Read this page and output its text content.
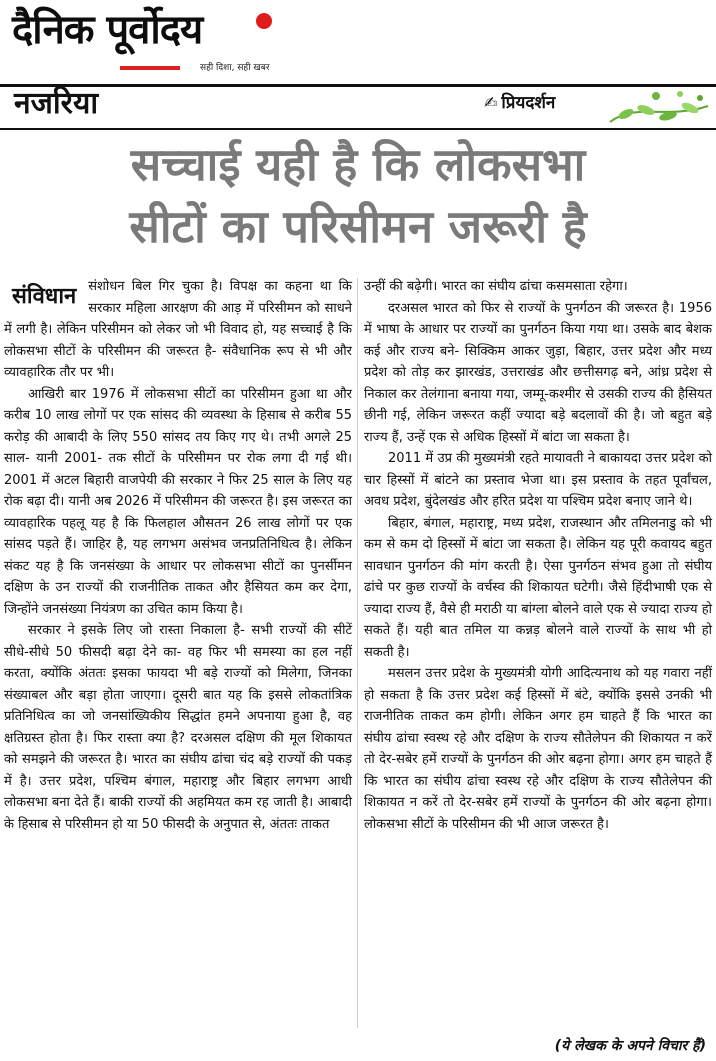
दैनिक पूर्वोदय
सही दिशा, सही खबर
नजरिया	✍ प्रियदर्शन
सच्चाई यही है कि लोकसभा
सीटों का परिसीमन जरूरी है
संविधान संशोधन बिल गिर चुका है। विपक्ष का कहना था कि सरकार महिला आरक्षण की आड़ में परिसीमन को साधने में लगी है। लेकिन परिसीमन को लेकर जो भी विवाद हो, यह सच्चाई है कि लोकसभा सीटों के परिसीमन की जरूरत है- संवैधानिक रूप से भी और व्यावहारिक तौर पर भी।

आखिरी बार 1976 में लोकसभा सीटों का परिसीमन हुआ था और करीब 10 लाख लोगों पर एक सांसद की व्यवस्था के हिसाब से करीब 55 करोड़ की आबादी के लिए 550 सांसद तय किए गए थे। तभी अगले 25 साल- यानी 2001- तक सीटों के परिसीमन पर रोक लगा दी गई थी। 2001 में अटल बिहारी वाजपेयी की सरकार ने फिर 25 साल के लिए यह रोक बढ़ा दी। यानी अब 2026 में परिसीमन की जरूरत है। इस जरूरत का व्यावहारिक पहलू यह है कि फिलहाल औसतन 26 लाख लोगों पर एक सांसद पड़ते हैं। जाहिर है, यह लगभग असंभव जनप्रतिनिधित्व है। लेकिन संकट यह है कि जनसंख्या के आधार पर लोकसभा सीटों का पुनर्सीमन दक्षिण के उन राज्यों की राजनीतिक ताकत और हैसियत कम कर देगा, जिन्होंने जनसंख्या नियंत्रण का उचित काम किया है।

सरकार ने इसके लिए जो रास्ता निकाला है- सभी राज्यों की सीटें सीधे-सीधे 50 फीसदी बढ़ा देने का- वह फिर भी समस्या का हल नहीं करता, क्योंकि अंततः इसका फायदा भी बड़े राज्यों को मिलेगा, जिनका संख्याबल और बड़ा होता जाएगा। दूसरी बात यह कि इससे लोकतांत्रिक प्रतिनिधित्व का जो जनसांख्यिकीय सिद्धांत हमने अपनाया हुआ है, वह क्षतिग्रस्त होता है। फिर रास्ता क्या है? दरअसल दक्षिण की मूल शिकायत को समझने की जरूरत है। भारत का संघीय ढांचा चंद बड़े राज्यों की पकड़ में है। उत्तर प्रदेश, पश्चिम बंगाल, महाराष्ट्र और बिहार लगभग आधी लोकसभा बना देते हैं। बाकी राज्यों की अहमियत कम रह जाती है। आबादी के हिसाब से परिसीमन हो या 50 फीसदी के अनुपात से, अंततः ताकत

उन्हीं की बढ़ेगी। भारत का संघीय ढांचा कसमसाता रहेगा।

दरअसल भारत को फिर से राज्यों के पुनर्गठन की जरूरत है। 1956 में भाषा के आधार पर राज्यों का पुनर्गठन किया गया था। उसके बाद बेशक कई और राज्य बने- सिक्किम आकर जुड़ा, बिहार, उत्तर प्रदेश और मध्य प्रदेश को तोड़ कर झारखंड, उत्तराखंड और छत्तीसगढ़ बने, आंध्र प्रदेश से निकाल कर तेलंगाना बनाया गया, जम्मू-कश्मीर से उसकी राज्य की हैसियत छीनी गई, लेकिन जरूरत कहीं ज्यादा बड़े बदलावों की है। जो बहुत बड़े राज्य हैं, उन्हें एक से अधिक हिस्सों में बांटा जा सकता है।

2011 में उप्र की मुख्यमंत्री रहते मायावती ने बाकायदा उत्तर प्रदेश को चार हिस्सों में बांटने का प्रस्ताव भेजा था। इस प्रस्ताव के तहत पूर्वांचल, अवध प्रदेश, बुंदेलखंड और हरित प्रदेश या पश्चिम प्रदेश बनाए जाने थे।

बिहार, बंगाल, महाराष्ट्र, मध्य प्रदेश, राजस्थान और तमिलनाडु को भी कम से कम दो हिस्सों में बांटा जा सकता है। लेकिन यह पूरी कवायद बहुत सावधान पुनर्गठन की मांग करती है। ऐसा पुनर्गठन संभव हुआ तो संघीय ढांचे पर कुछ राज्यों के वर्चस्व की शिकायत घटेगी। जैसे हिंदीभाषी एक से ज्यादा राज्य हैं, वैसे ही मराठी या बांग्ला बोलने वाले एक से ज्यादा राज्य हो सकते हैं। यही बात तमिल या कन्नड़ बोलने वाले राज्यों के साथ भी हो सकती है।

मसलन उत्तर प्रदेश के मुख्यमंत्री योगी आदित्यनाथ को यह गवारा नहीं हो सकता है कि उत्तर प्रदेश कई हिस्सों में बंटे, क्योंकि इससे उनकी भी राजनीतिक ताकत कम होगी। लेकिन अगर हम चाहते हैं कि भारत का संघीय ढांचा स्वस्थ रहे और दक्षिण के राज्य सौतेलेपन की शिकायत न करें तो देर-सबेर हमें राज्यों के पुनर्गठन की ओर बढ़ना होगा। अगर हम चाहते हैं कि भारत का संघीय ढांचा स्वस्थ रहे और दक्षिण के राज्य सौतेलेपन की शिकायत न करें तो देर-सबेर हमें राज्यों के पुनर्गठन की ओर बढ़ना होगा। लोकसभा सीटों के परिसीमन की भी आज जरूरत है।

(ये लेखक के अपने विचार हैं)
